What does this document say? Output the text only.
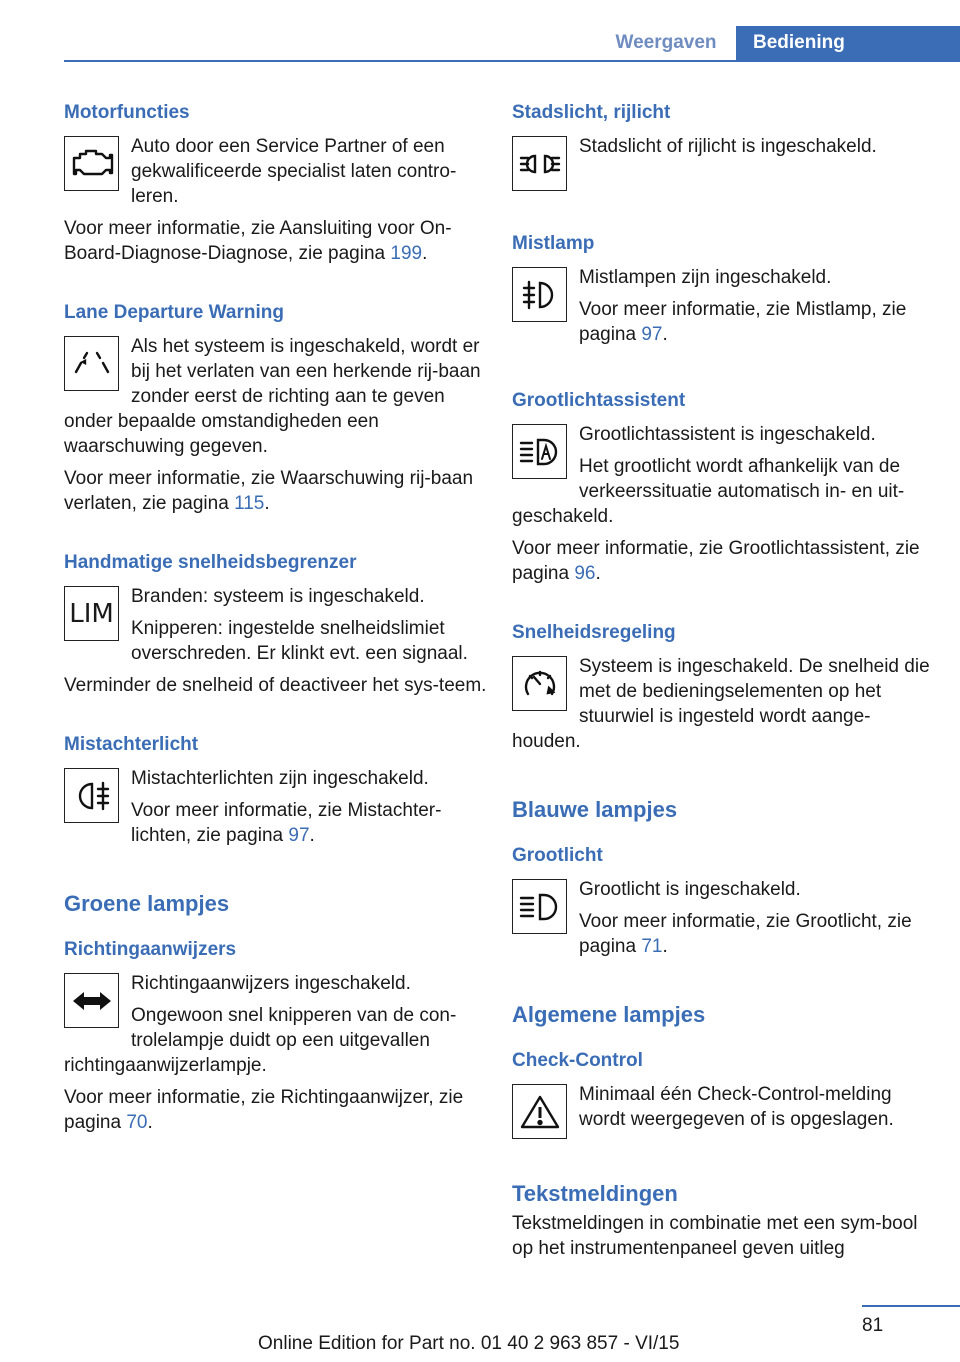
Weergaven	Bediening
Motorfuncties

Auto door een Service Partner of een gekwalificeerde specialist laten contro-leren.

Voor meer informatie, zie Aansluiting voor On-Board-Diagnose-Diagnose, zie pagina 199.

Lane Departure Warning

Als het systeem is ingeschakeld, wordt er bij het verlaten van een herkende rij-baan zonder eerst de richting aan te geven onder bepaalde omstandigheden een waarschuwing gegeven.

Voor meer informatie, zie Waarschuwing rij-baan verlaten, zie pagina 115.

Handmatige snelheidsbegrenzer
LIM

Branden: systeem is ingeschakeld.

Knipperen: ingestelde snelheidslimiet overschreden. Er klinkt evt. een signaal.

Verminder de snelheid of deactiveer het sys-teem.

Mistachterlicht

Mistachterlichten zijn ingeschakeld.

Voor meer informatie, zie Mistachter-lichten, zie pagina 97.

Groene lampjes
Richtingaanwijzers

Richtingaanwijzers ingeschakeld.

Ongewoon snel knipperen van de con-trolelampje duidt op een uitgevallen richtingaanwijzerlampje.

Voor meer informatie, zie Richtingaanwijzer, zie pagina 70.

Stadslicht, rijlicht

Stadslicht of rijlicht is ingeschakeld.

Mistlamp

Mistlampen zijn ingeschakeld.

Voor meer informatie, zie Mistlamp, zie pagina 97.

Grootlichtassistent

Grootlichtassistent is ingeschakeld.

Het grootlicht wordt afhankelijk van de verkeerssituatie automatisch in- en uit-geschakeld.

Voor meer informatie, zie Grootlichtassistent, zie pagina 96.

Snelheidsregeling

Systeem is ingeschakeld. De snelheid die met de bedieningselementen op het stuurwiel is ingesteld wordt aange-houden.

Blauwe lampjes
Grootlicht

Grootlicht is ingeschakeld.

Voor meer informatie, zie Grootlicht, zie pagina 71.

Algemene lampjes
Check-Control

Minimaal één Check-Control-melding wordt weergegeven of is opgeslagen.

Tekstmeldingen

Tekstmeldingen in combinatie met een sym-bool op het instrumentenpaneel geven uitleg

81
Online Edition for Part no. 01 40 2 963 857 - VI/15
